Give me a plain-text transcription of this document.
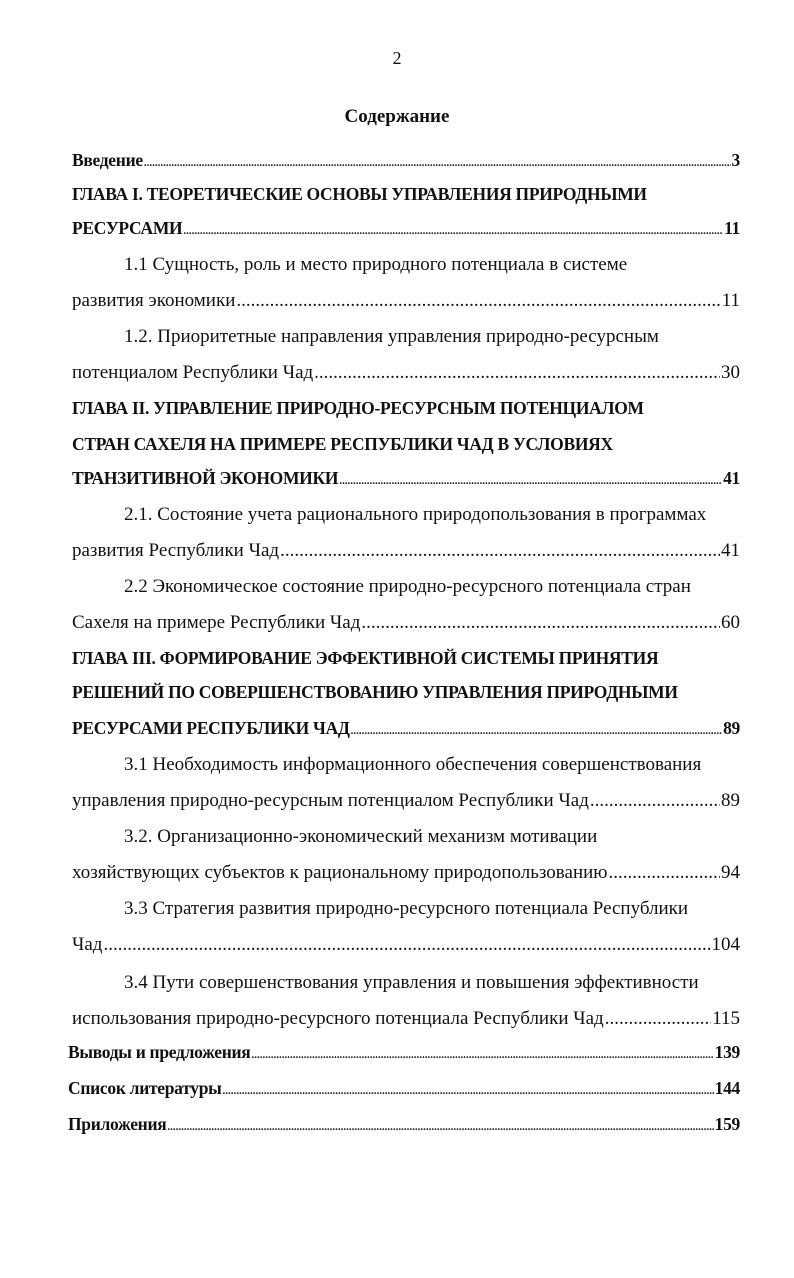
2
Содержание
Введение .....	3
ГЛАВА I. ТЕОРЕТИЧЕСКИЕ ОСНОВЫ УПРАВЛЕНИЯ ПРИРОДНЫМИ
РЕСУРСАМИ .....	11
1.1 Сущность, роль и место природного потенциала в системе
развития экономики .....	11
1.2. Приоритетные направления управления природно-ресурсным
потенциалом Республики Чад .....	30
ГЛАВА II. УПРАВЛЕНИЕ ПРИРОДНО-РЕСУРСНЫМ ПОТЕНЦИАЛОМ
СТРАН САХЕЛЯ НА ПРИМЕРЕ РЕСПУБЛИКИ ЧАД В УСЛОВИЯХ
ТРАНЗИТИВНОЙ ЭКОНОМИКИ .....	41
2.1. Состояние учета рационального природопользования в программах
развития Республики Чад .....	41
2.2 Экономическое состояние природно-ресурсного потенциала стран
Сахеля на примере Республики Чад .....	60
ГЛАВА III. ФОРМИРОВАНИЕ ЭФФЕКТИВНОЙ СИСТЕМЫ ПРИНЯТИЯ
РЕШЕНИЙ ПО СОВЕРШЕНСТВОВАНИЮ УПРАВЛЕНИЯ ПРИРОДНЫМИ
РЕСУРСАМИ РЕСПУБЛИКИ ЧАД .....	89
3.1 Необходимость информационного обеспечения совершенствования
управления природно-ресурсным потенциалом Республики Чад .....	89
3.2. Организационно-экономический механизм мотивации
хозяйствующих субъектов к рациональному природопользованию .....	94
3.3 Стратегия развития природно-ресурсного потенциала Республики
Чад .....	104
3.4 Пути совершенствования управления и повышения эффективности
использования природно-ресурсного потенциала Республики Чад .....	115
Выводы и предложения .....	139
Список литературы .....	144
Приложения .....	159
